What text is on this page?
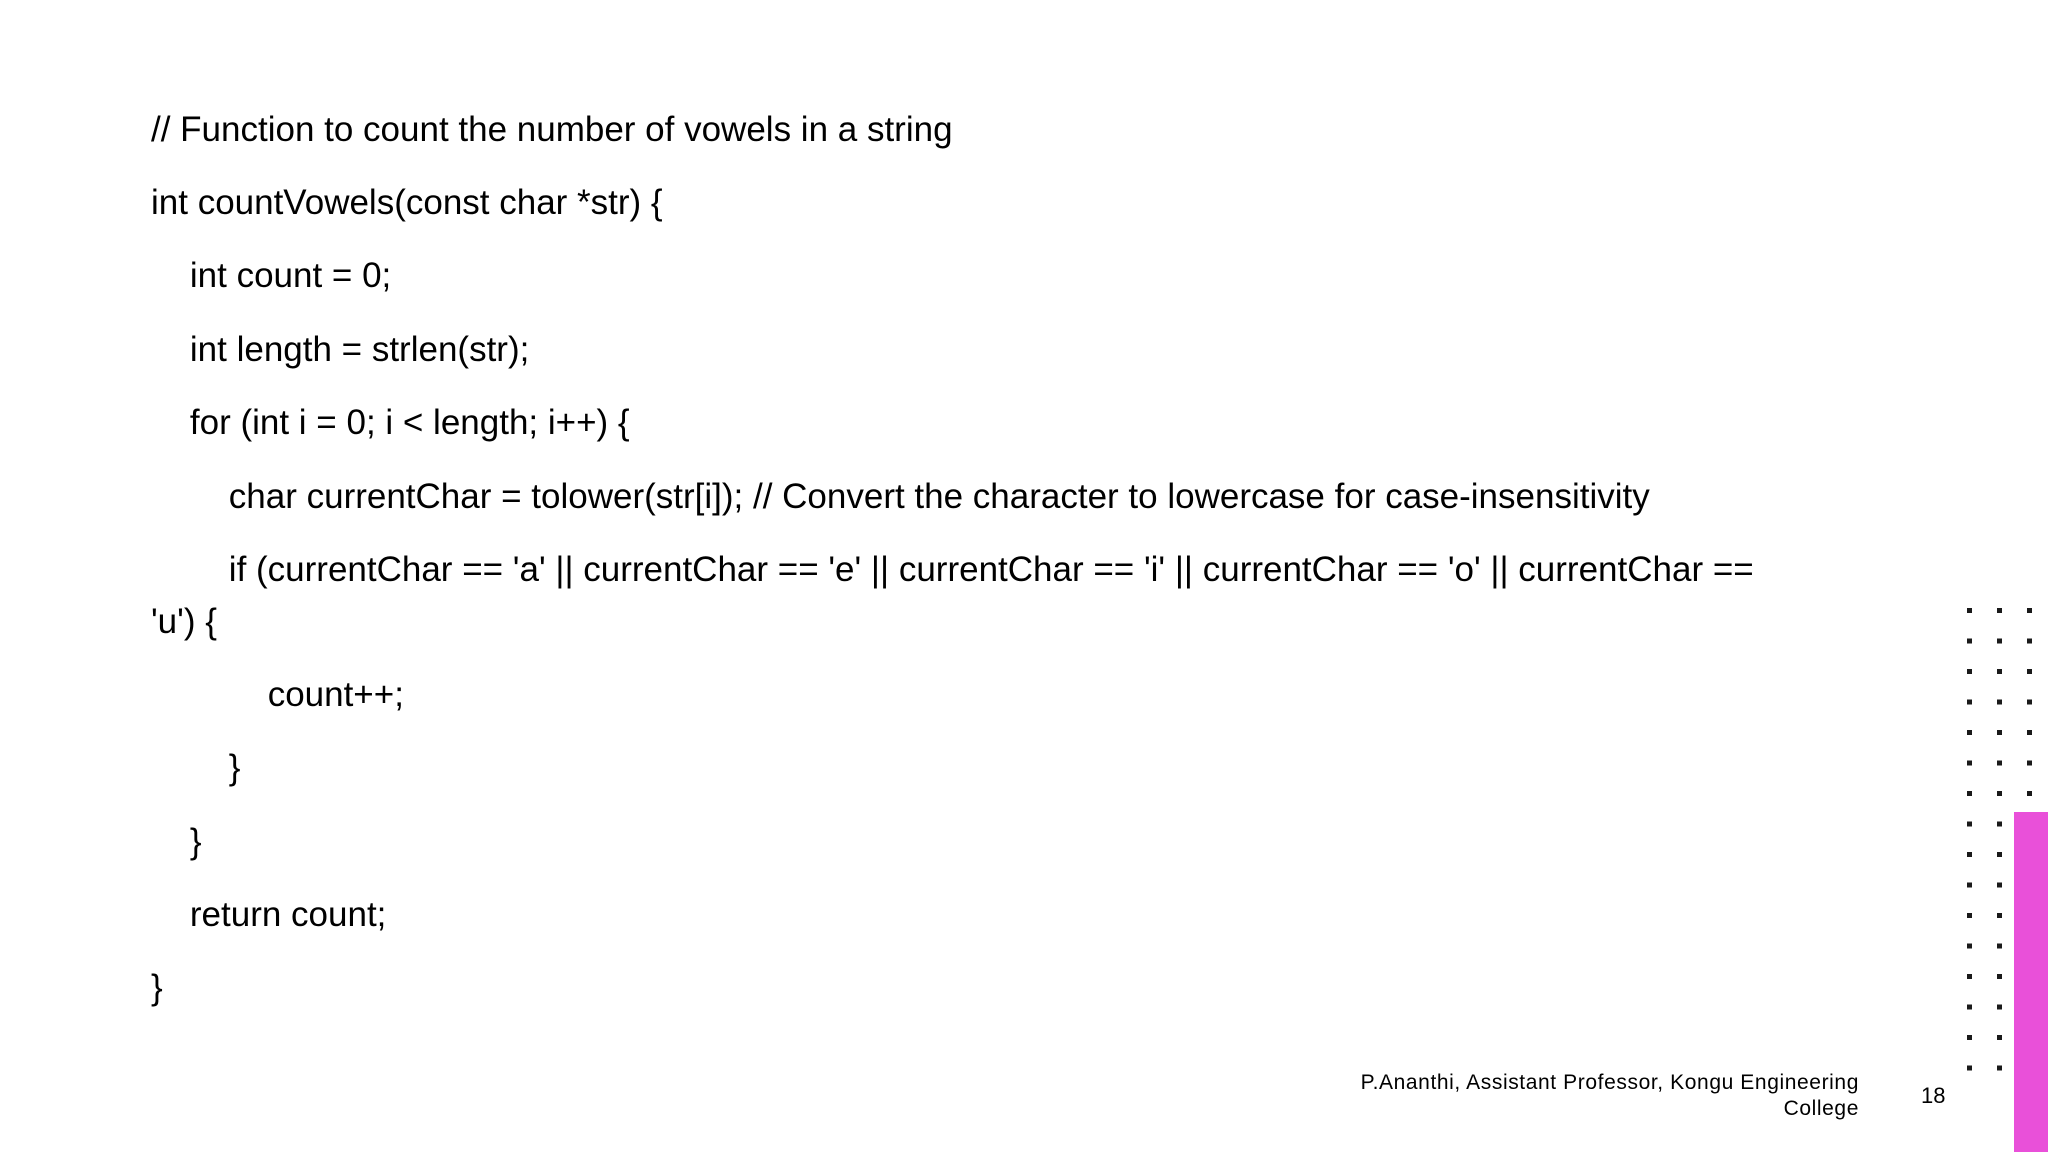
// Function to count the number of vowels in a string
int countVowels(const char *str) {
int count = 0;
int length = strlen(str);
for (int i = 0; i < length; i++) {
char currentChar = tolower(str[i]); // Convert the character to lowercase for case-insensitivity
if (currentChar == 'a' || currentChar == 'e' || currentChar == 'i' || currentChar == 'o' || currentChar ==
'u') {
count++;
}
}
return count;
}
P.Ananthi, Assistant Professor, Kongu Engineering
College
18
